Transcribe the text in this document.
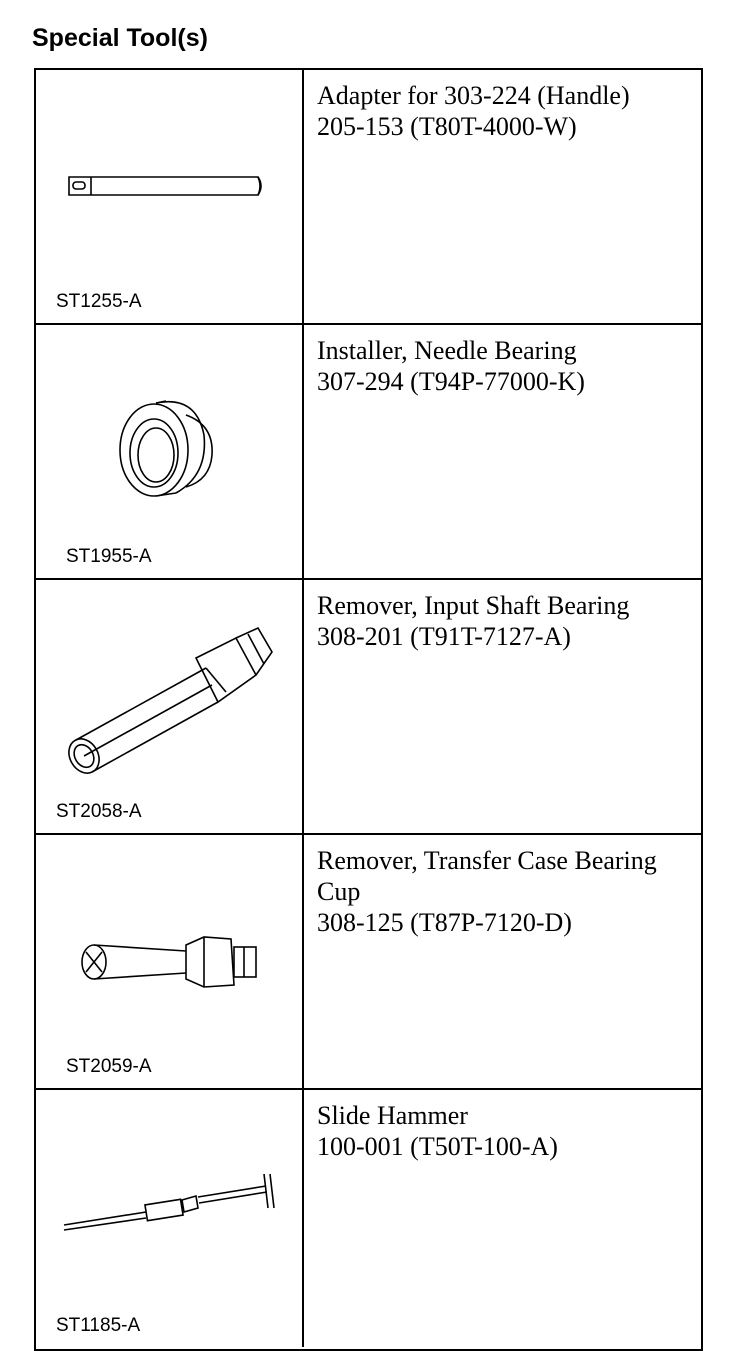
Special Tool(s)
ST1255-A
Adapter for 303-224 (Handle)
205-153 (T80T-4000-W)
ST1955-A
Installer, Needle Bearing
307-294 (T94P-77000-K)
ST2058-A
Remover, Input Shaft Bearing
308-201 (T91T-7127-A)
ST2059-A
Remover, Transfer Case Bearing Cup
308-125 (T87P-7120-D)
ST1185-A
Slide Hammer
100-001 (T50T-100-A)
